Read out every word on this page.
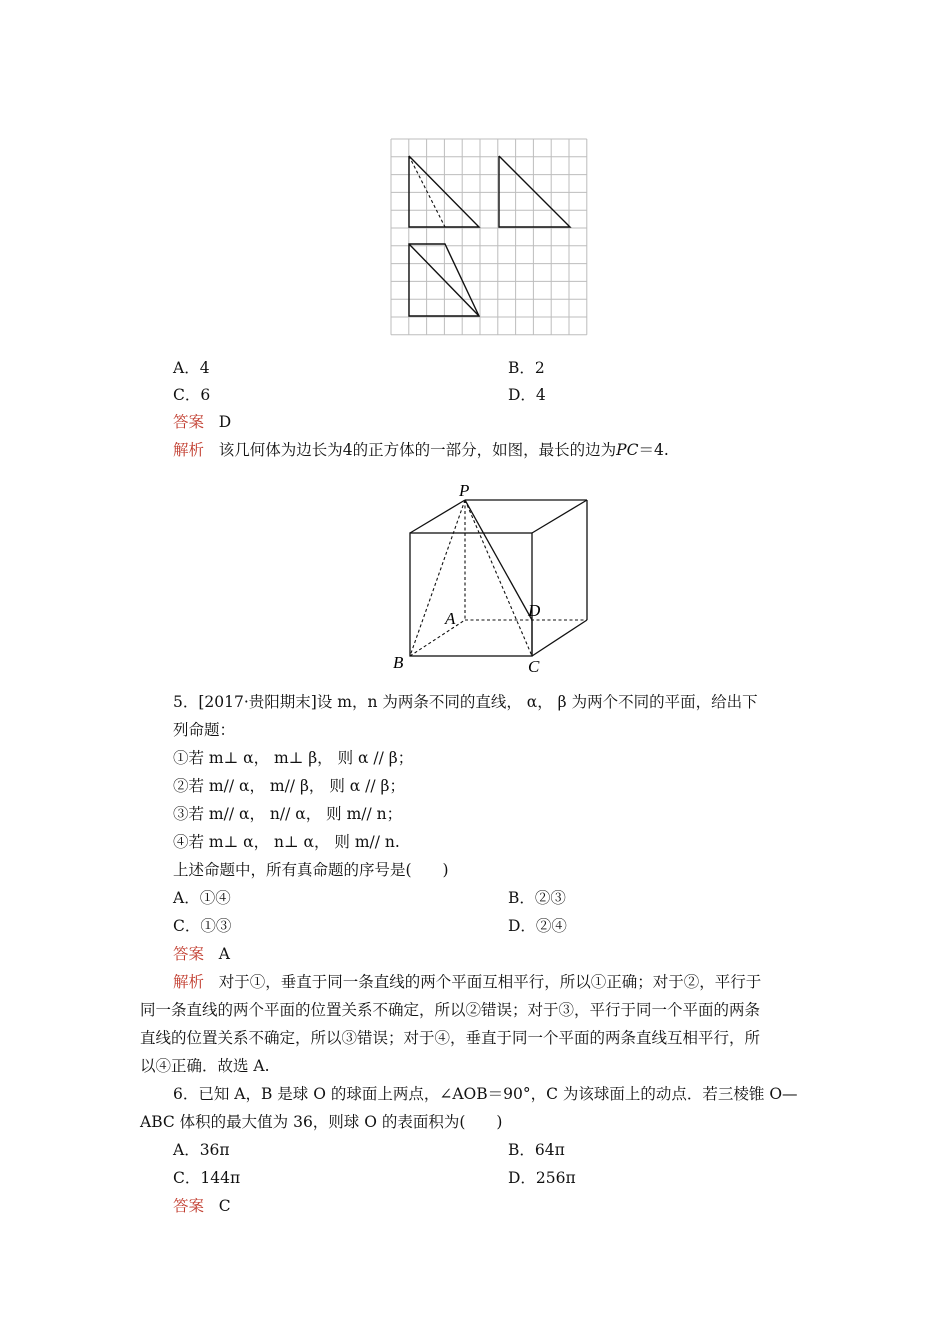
A．4	B．2
C．6	D．4
答案 D
解析 该几何体为边长为4的正方体的一部分，如图，最长的边为PC＝4.
P
A	D
B	C
5．[2017·贵阳期末]设 m，n 为两条不同的直线， α， β 为两个不同的平面，给出下
列命题：
①若 m⊥ α， m⊥ β， 则 α // β；
②若 m// α， m// β， 则 α // β；
③若 m// α， n// α， 则 m// n；
④若 m⊥ α， n⊥ α， 则 m// n.
上述命题中，所有真命题的序号是(　　)
A．①④	B．②③
C．①③	D．②④
答案 A
解析 对于①，垂直于同一条直线的两个平面互相平行，所以①正确；对于②，平行于
同一条直线的两个平面的位置关系不确定，所以②错误；对于③，平行于同一个平面的两条
直线的位置关系不确定，所以③错误；对于④，垂直于同一个平面的两条直线互相平行，所
以④正确．故选 A.
6．已知 A，B 是球 O 的球面上两点，∠AOB＝90°，C 为该球面上的动点．若三棱锥 O—
ABC 体积的最大值为 36，则球 O 的表面积为(　　)
A．36π	B．64π
C．144π	D．256π
答案 C
